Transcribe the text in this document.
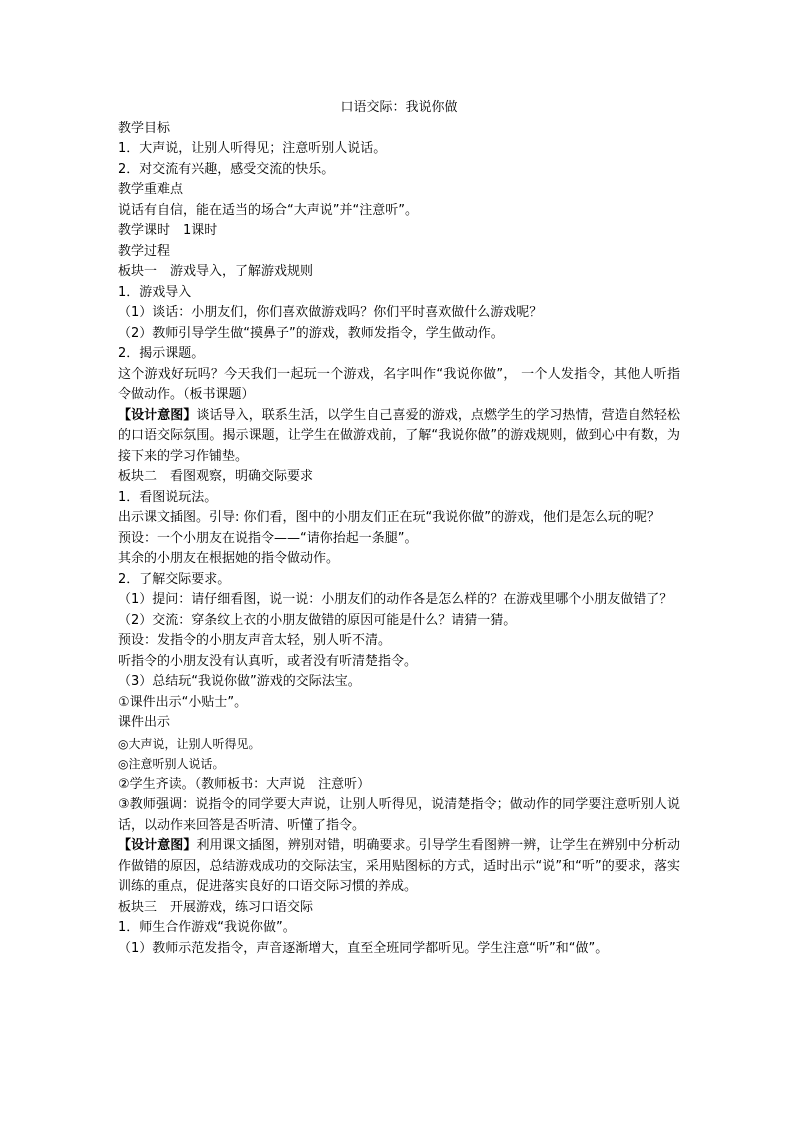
口语交际：我说你做

教学目标

1．大声说，让别人听得见；注意听别人说话。

2．对交流有兴趣，感受交流的快乐。

教学重难点

说话有自信，能在适当的场合“大声说”并“注意听”。

教学课时　1课时

教学过程

板块一　游戏导入，了解游戏规则

1．游戏导入

（1）谈话：小朋友们，你们喜欢做游戏吗？你们平时喜欢做什么游戏呢？

（2）教师引导学生做“摸鼻子”的游戏，教师发指令，学生做动作。

2．揭示课题。

这个游戏好玩吗？今天我们一起玩一个游戏，名字叫作“我说你做”， 一个人发指令，其他人听指令做动作。（板书课题）

【设计意图】谈话导入，联系生活，以学生自己喜爱的游戏，点燃学生的学习热情，营造自然轻松的口语交际氛围。揭示课题，让学生在做游戏前，了解“我说你做”的游戏规则，做到心中有数，为接下来的学习作铺垫。

板块二　看图观察，明确交际要求

1．看图说玩法。

出示课文插图。引导: 你们看，图中的小朋友们正在玩“我说你做”的游戏，他们是怎么玩的呢？

预设：一个小朋友在说指令——“请你抬起一条腿”。

其余的小朋友在根据她的指令做动作。

2．了解交际要求。

（1）提问：请仔细看图，说一说：小朋友们的动作各是怎么样的？在游戏里哪个小朋友做错了？

（2）交流：穿条纹上衣的小朋友做错的原因可能是什么？请猜一猜。

预设：发指令的小朋友声音太轻，别人听不清。

听指令的小朋友没有认真听，或者没有听清楚指令。

（3）总结玩“我说你做”游戏的交际法宝。

①课件出示“小贴士”。

课件出示

◎大声说，让别人听得见。

◎注意听别人说话。

②学生齐读。（教师板书：大声说　注意听）

③教师强调：说指令的同学要大声说，让别人听得见，说清楚指令；做动作的同学要注意听别人说话，以动作来回答是否听清、听懂了指令。

【设计意图】利用课文插图，辨别对错，明确要求。引导学生看图辨一辨，让学生在辨别中分析动作做错的原因，总结游戏成功的交际法宝，采用贴图标的方式，适时出示“说”和“听”的要求，落实训练的重点，促进落实良好的口语交际习惯的养成。

板块三　开展游戏，练习口语交际

1．师生合作游戏“我说你做”。

（1）教师示范发指令，声音逐渐增大，直至全班同学都听见。学生注意“听”和“做”。
